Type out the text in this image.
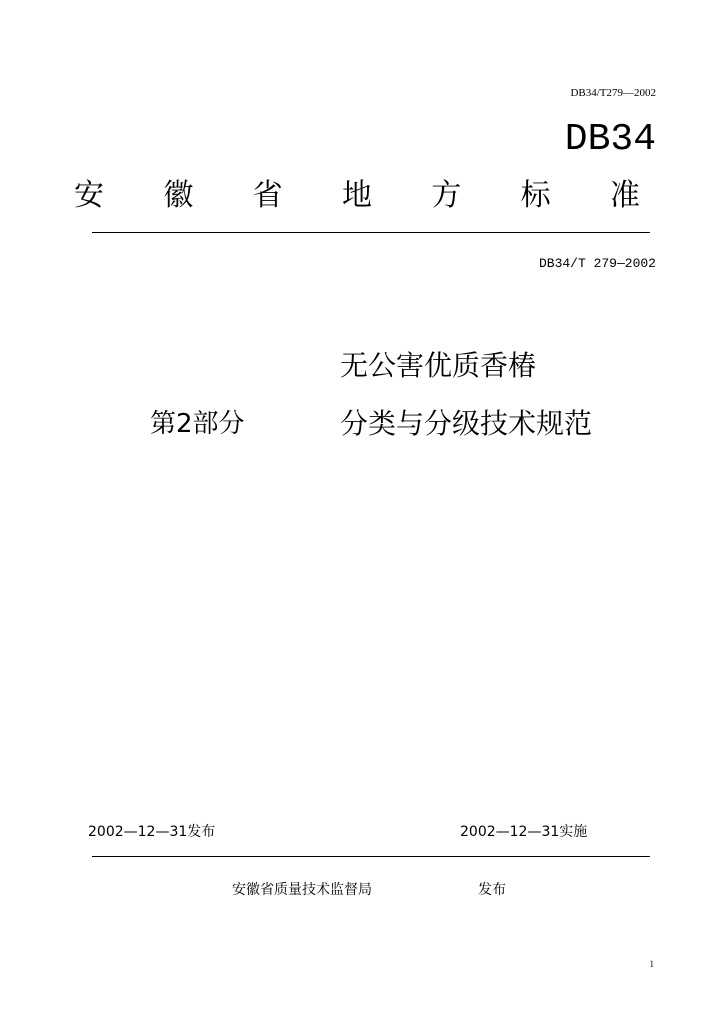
DB34/T279—2002
DB34
安 徽 省 地 方 标 准
DB34/T 279—2002
无公害优质香椿
第2部分	分类与分级技术规范
2002—12—31发布	2002—12—31实施
安徽省质量技术监督局	发布
1
